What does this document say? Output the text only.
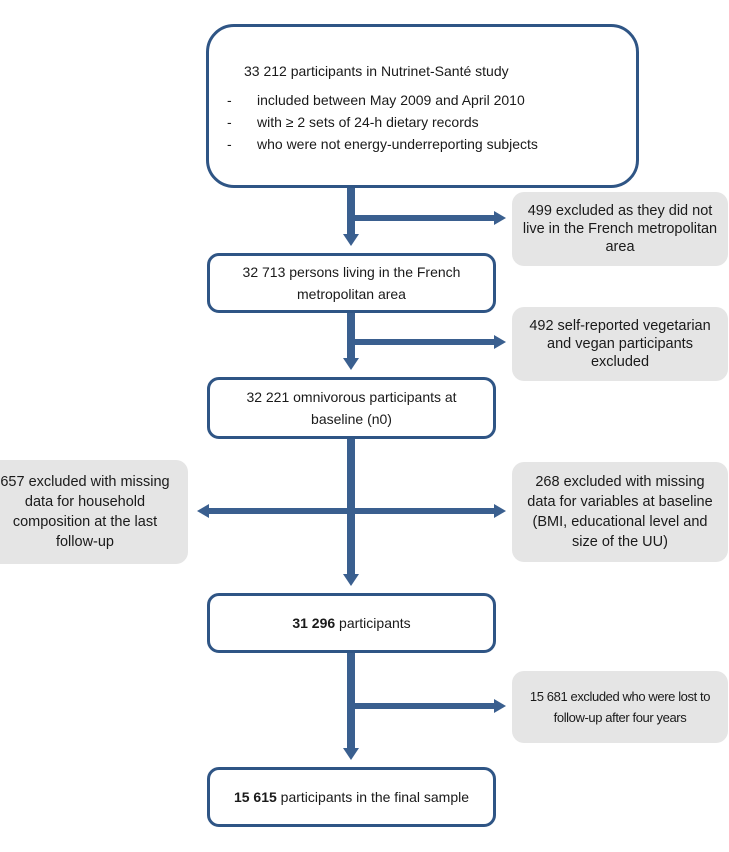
33 212 participants in Nutrinet-Santé study
- included between May 2009 and April 2010
- with ≥ 2 sets of 24-h dietary records
- who were not energy-underreporting subjects
32 713 persons living in the French
metropolitan area
32 221 omnivorous participants at
baseline (n0)
31 296 participants
15 615 participants in the final sample
499 excluded as they did not
live in the French metropolitan
area
492 self-reported vegetarian
and vegan participants
excluded
268 excluded with missing
data for variables at baseline
(BMI, educational level and
size of the UU)
657 excluded with missing
data for household
composition at the last
follow-up
15 681 excluded who were lost to
follow-up after four years
